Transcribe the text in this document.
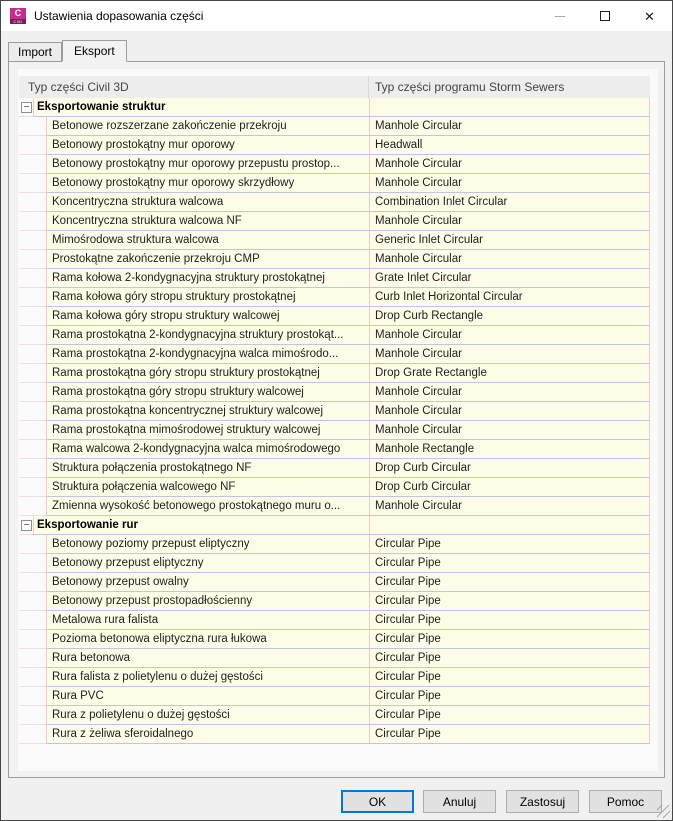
C
C3D Ustawienia dopasowania części	✕
Import	Eksport
Typ części Civil 3D	Typ części programu Storm Sewers
− Eksportowanie struktur
Betonowe rozszerzane zakończenie przekroju	Manhole Circular
Betonowy prostokątny mur oporowy	Headwall
Betonowy prostokątny mur oporowy przepustu prostop...	Manhole Circular
Betonowy prostokątny mur oporowy skrzydłowy	Manhole Circular
Koncentryczna struktura walcowa	Combination Inlet Circular
Koncentryczna struktura walcowa NF	Manhole Circular
Mimośrodowa struktura walcowa	Generic Inlet Circular
Prostokątne zakończenie przekroju CMP	Manhole Circular
Rama kołowa 2-kondygnacyjna struktury prostokątnej	Grate Inlet Circular
Rama kołowa góry stropu struktury prostokątnej	Curb Inlet Horizontal Circular
Rama kołowa góry stropu struktury walcowej	Drop Curb Rectangle
Rama prostokątna 2-kondygnacyjna struktury prostokąt...	Manhole Circular
Rama prostokątna 2-kondygnacyjna walca mimośrodo...	Manhole Circular
Rama prostokątna góry stropu struktury prostokątnej	Drop Grate Rectangle
Rama prostokątna góry stropu struktury walcowej	Manhole Circular
Rama prostokątna koncentrycznej struktury walcowej	Manhole Circular
Rama prostokątna mimośrodowej struktury walcowej	Manhole Circular
Rama walcowa 2-kondygnacyjna walca mimośrodowego	Manhole Rectangle
Struktura połączenia prostokątnego NF	Drop Curb Circular
Struktura połączenia walcowego NF	Drop Curb Circular
Zmienna wysokość betonowego prostokątnego muru o...	Manhole Circular
− Eksportowanie rur
Betonowy poziomy przepust eliptyczny	Circular Pipe
Betonowy przepust eliptyczny	Circular Pipe
Betonowy przepust owalny	Circular Pipe
Betonowy przepust prostopadłościenny	Circular Pipe
Metalowa rura falista	Circular Pipe
Pozioma betonowa eliptyczna rura łukowa	Circular Pipe
Rura betonowa	Circular Pipe
Rura falista z polietylenu o dużej gęstości	Circular Pipe
Rura PVC	Circular Pipe
Rura z polietylenu o dużej gęstości	Circular Pipe
Rura z żeliwa sferoidalnego	Circular Pipe
OK	Anuluj	Zastosuj	Pomoc
